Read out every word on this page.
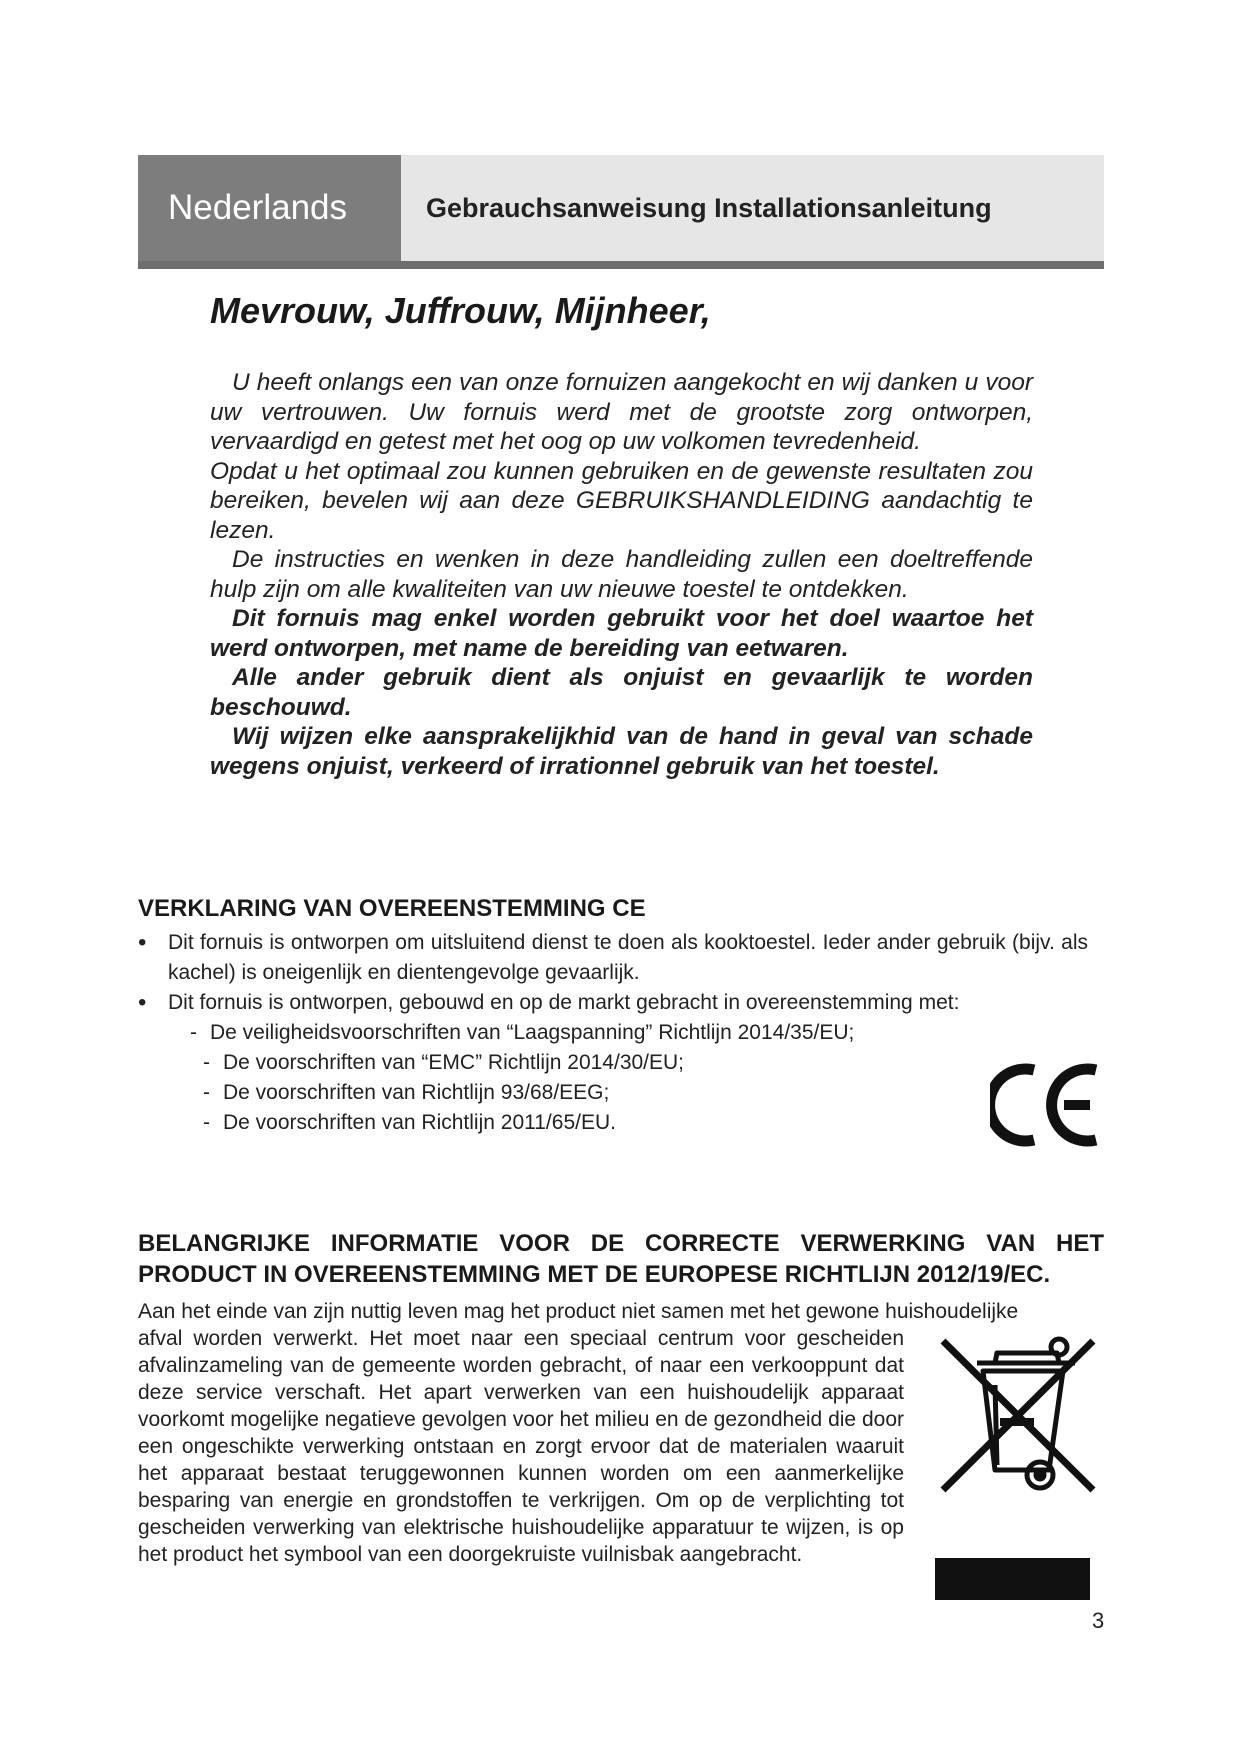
Nederlands	Gebrauchsanweisung Installationsanleitung
Mevrouw, Juffrouw, Mijnheer,

U heeft onlangs een van onze fornuizen aangekocht en wij danken u voor uw vertrouwen. Uw fornuis werd met de grootste zorg ontworpen, vervaardigd en getest met het oog op uw volkomen tevredenheid.

Opdat u het optimaal zou kunnen gebruiken en de gewenste resultaten zou bereiken, bevelen wij aan deze GEBRUIKSHANDLEIDING aandachtig te lezen.

De instructies en wenken in deze handleiding zullen een doeltreffende hulp zijn om alle kwaliteiten van uw nieuwe toestel te ontdekken.

Dit fornuis mag enkel worden gebruikt voor het doel waartoe het werd ontworpen, met name de bereiding van eetwaren.

Alle ander gebruik dient als onjuist en gevaarlijk te worden beschouwd.

Wij wijzen elke aansprakelijkhid van de hand in geval van schade wegens onjuist, verkeerd of irrationnel gebruik van het toestel.

VERKLARING VAN OVEREENSTEMMING CE
• Dit fornuis is ontworpen om uitsluitend dienst te doen als kooktoestel. Ieder ander gebruik (bijv. als kachel) is oneigenlijk en dientengevolge gevaarlijk.
• Dit fornuis is ontworpen, gebouwd en op de markt gebracht in overeenstemming met:
- De veiligheidsvoorschriften van “Laagspanning” Richtlijn 2014/35/EU;
- De voorschriften van “EMC” Richtlijn 2014/30/EU;
- De voorschriften van Richtlijn 93/68/EEG;
- De voorschriften van Richtlijn 2011/65/EU.
BELANGRIJKE INFORMATIE VOOR DE CORRECTE VERWERKING VAN HET PRODUCT IN OVEREENSTEMMING MET DE EUROPESE RICHTLIJN 2012/19/EC.
Aan het einde van zijn nuttig leven mag het product niet samen met het gewone huishoudelijke
afval worden verwerkt. Het moet naar een speciaal centrum voor gescheiden afvalinzameling van de gemeente worden gebracht, of naar een verkooppunt dat deze service verschaft. Het apart verwerken van een huishoudelijk apparaat voorkomt mogelijke negatieve gevolgen voor het milieu en de gezondheid die door een ongeschikte verwerking ontstaan en zorgt ervoor dat de materialen waaruit het apparaat bestaat teruggewonnen kunnen worden om een aanmerkelijke besparing van energie en grondstoffen te verkrijgen. Om op de verplichting tot gescheiden verwerking van elektrische huishoudelijke apparatuur te wijzen, is op het product het symbool van een doorgekruiste vuilnisbak aangebracht.
3
